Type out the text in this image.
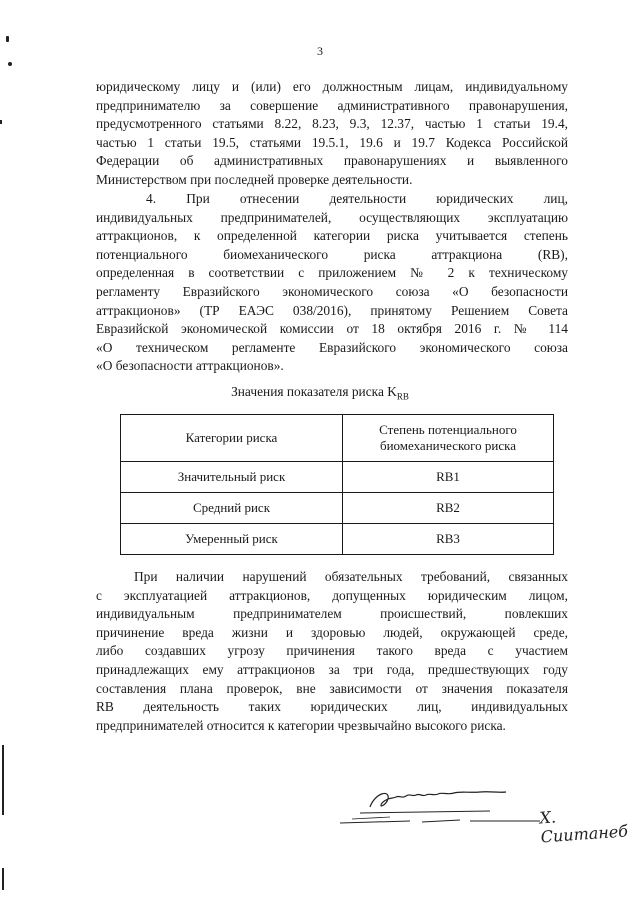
3
юридическому лицу и (или) его должностным лицам, индивидуальному
предпринимателю за совершение административного правонарушения,
предусмотренного статьями 8.22, 8.23, 9.3, 12.37, частью 1 статьи 19.4,
частью 1 статьи 19.5, статьями 19.5.1, 19.6 и 19.7 Кодекса Российской
Федерации об административных правонарушениях и выявленного
Министерством при последней проверке деятельности.
4. При отнесении деятельности юридических лиц,
индивидуальных предпринимателей, осуществляющих эксплуатацию
аттракционов, к определенной категории риска учитывается степень
потенциального биомеханического риска аттракциона (RB),
определенная в соответствии с приложением № 2 к техническому
регламенту Евразийского экономического союза «О безопасности
аттракционов» (ТР ЕАЭС 038/2016), принятому Решением Совета
Евразийской экономической комиссии от 18 октября 2016 г. № 114
«О техническом регламенте Евразийского экономического союза
«О безопасности аттракционов».
Значения показателя риска $K_{RB}$
Категории риска	Степень потенциального
биомеханического риска
Значительный риск	RB1
Средний риск	RB2
Умеренный риск	RB3
При наличии нарушений обязательных требований, связанных
с эксплуатацией аттракционов, допущенных юридическим лицом,
индивидуальным предпринимателем происшествий, повлекших
причинение вреда жизни и здоровью людей, окружающей среде,
либо создавших угрозу причинения такого вреда с участием
принадлежащих ему аттракционов за три года, предшествующих году
составления плана проверок, вне зависимости от значения показателя
RB деятельность таких юридических лиц, индивидуальных
предпринимателей относится к категории чрезвычайно высокого риска.
Х. Сиитанеб
